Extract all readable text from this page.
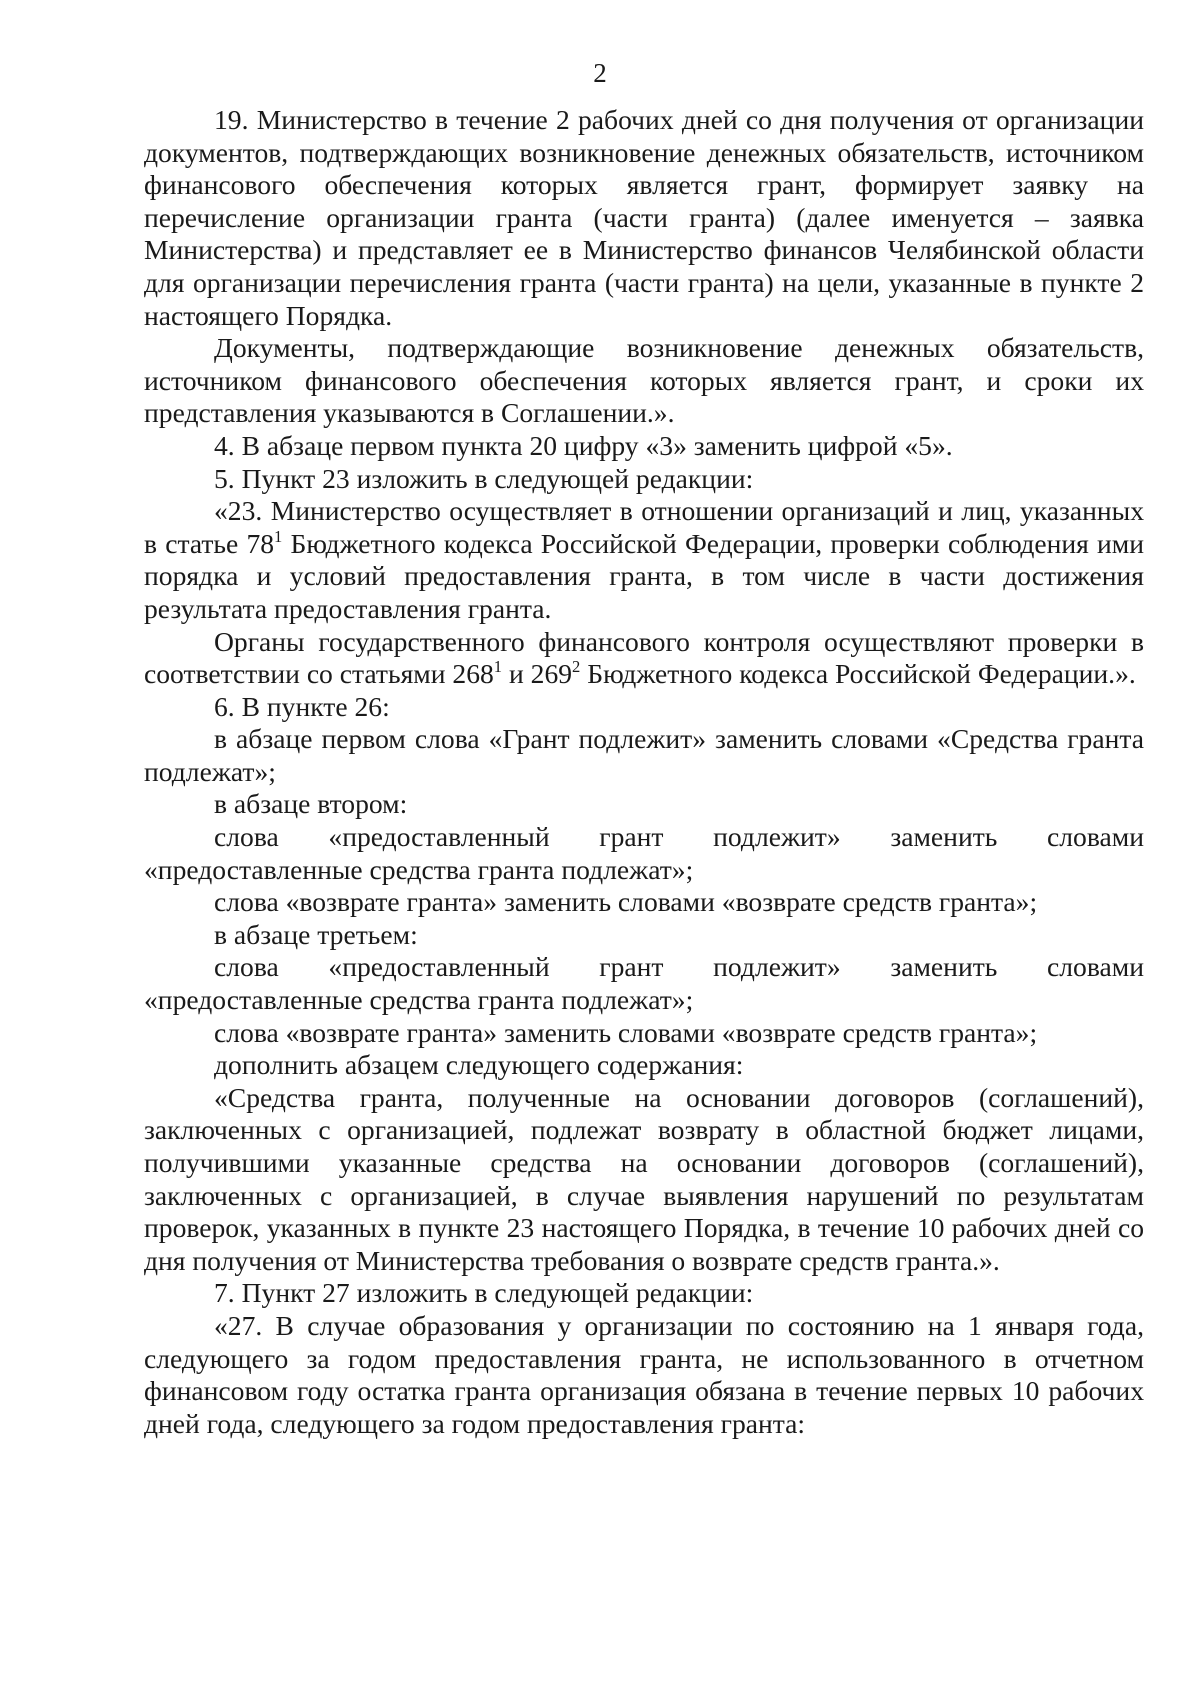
2

19. Министерство в течение 2 рабочих дней со дня получения от организации документов, подтверждающих возникновение денежных обязательств, источником финансового обеспечения которых является грант, формирует заявку на перечисление организации гранта (части гранта) (далее именуется – заявка Министерства) и представляет ее в Министерство финансов Челябинской области для организации перечисления гранта (части гранта) на цели, указанные в пункте 2 настоящего Порядка.

Документы, подтверждающие возникновение денежных обязательств, источником финансового обеспечения которых является грант, и сроки их представления указываются в Соглашении.».

4. В абзаце первом пункта 20 цифру «3» заменить цифрой «5».

5. Пункт 23 изложить в следующей редакции:

«23. Министерство осуществляет в отношении организаций и лиц, указанных в статье $78^1$ Бюджетного кодекса Российской Федерации, проверки соблюдения ими порядка и условий предоставления гранта, в том числе в части достижения результата предоставления гранта.

Органы государственного финансового контроля осуществляют проверки в соответствии со статьями $268^1$ и $269^2$ Бюджетного кодекса Российской Федерации.».

6. В пункте 26:

в абзаце первом слова «Грант подлежит» заменить словами «Средства гранта подлежат»;

в абзаце втором:

слова «предоставленный грант подлежит» заменить словами «предоставленные средства гранта подлежат»;

слова «возврате гранта» заменить словами «возврате средств гранта»;

в абзаце третьем:

слова «предоставленный грант подлежит» заменить словами «предоставленные средства гранта подлежат»;

слова «возврате гранта» заменить словами «возврате средств гранта»;

дополнить абзацем следующего содержания:

«Средства гранта, полученные на основании договоров (соглашений), заключенных с организацией, подлежат возврату в областной бюджет лицами, получившими указанные средства на основании договоров (соглашений), заключенных с организацией, в случае выявления нарушений по результатам проверок, указанных в пункте 23 настоящего Порядка, в течение 10 рабочих дней со дня получения от Министерства требования о возврате средств гранта.».

7. Пункт 27 изложить в следующей редакции:

«27. В случае образования у организации по состоянию на 1 января года, следующего за годом предоставления гранта, не использованного в отчетном финансовом году остатка гранта организация обязана в течение первых 10 рабочих дней года, следующего за годом предоставления гранта:
